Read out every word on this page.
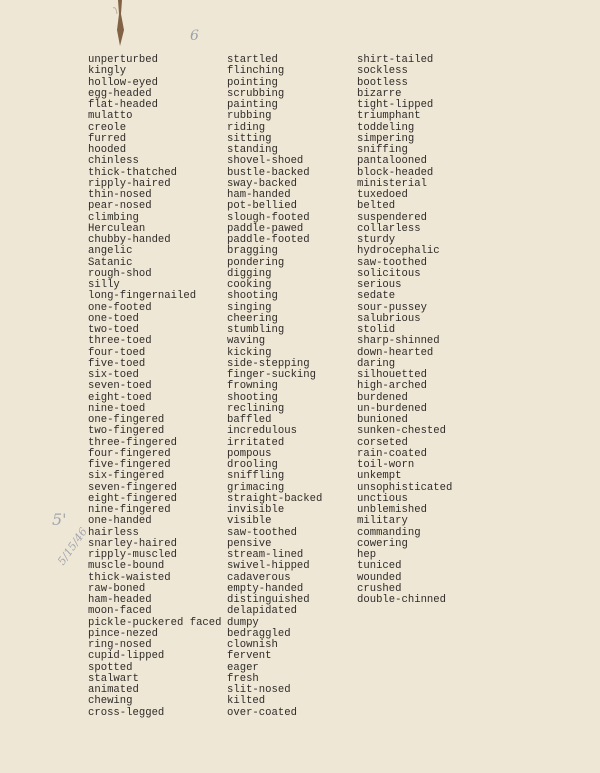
6
5'
5/15/46
unperturbed
kingly
hollow-eyed
egg-headed
flat-headed
mulatto
creole
furred
hooded
chinless
thick-thatched
ripply-haired
thin-nosed
pear-nosed
climbing
Herculean
chubby-handed
angelic
Satanic
rough-shod
silly
long-fingernailed
one-footed
one-toed
two-toed
three-toed
four-toed
five-toed
six-toed
seven-toed
eight-toed
nine-toed
one-fingered
two-fingered
three-fingered
four-fingered
five-fingered
six-fingered
seven-fingered
eight-fingered
nine-fingered
one-handed
hairless
snarley-haired
ripply-muscled
muscle-bound
thick-waisted
raw-boned
ham-headed
moon-faced
pickle-puckered faced
pince-nezed
ring-nosed
cupid-lipped
spotted
stalwart
animated
chewing
cross-legged
startled
flinching
pointing
scrubbing
painting
rubbing
riding
sitting
standing
shovel-shoed
bustle-backed
sway-backed
ham-handed
pot-bellied
slough-footed
paddle-pawed
paddle-footed
bragging
pondering
digging
cooking
shooting
singing
cheering
stumbling
waving
kicking
side-stepping
finger-sucking
frowning
shooting
reclining
baffled
incredulous
irritated
pompous
drooling
sniffling
grimacing
straight-backed
invisible
visible
saw-toothed
pensive
stream-lined
swivel-hipped
cadaverous
empty-handed
distinguished
delapidated
dumpy
bedraggled
clownish
fervent
eager
fresh
slit-nosed
kilted
over-coated
shirt-tailed
sockless
bootless
bizarre
tight-lipped
triumphant
toddeling
simpering
sniffing
pantalooned
block-headed
ministerial
tuxedoed
belted
suspendered
collarless
sturdy
hydrocephalic
saw-toothed
solicitous
serious
sedate
sour-pussey
salubrious
stolid
sharp-shinned
down-hearted
daring
silhouetted
high-arched
burdened
un-burdened
bunioned
sunken-chested
corseted
rain-coated
toil-worn
unkempt
unsophisticated
unctious
unblemished
military
commanding
cowering
hep
tuniced
wounded
crushed
double-chinned
